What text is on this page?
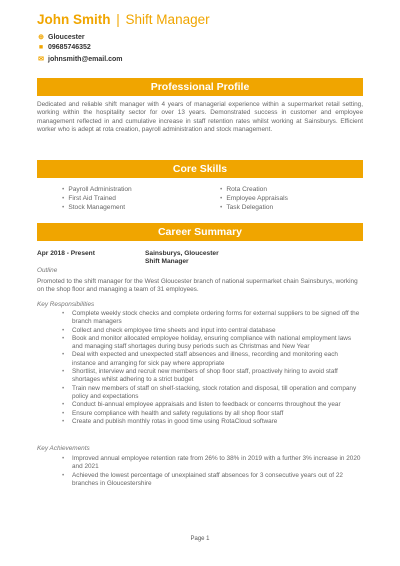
John Smith | Shift Manager
⊕ Gloucester
■ 09685746352
✉ johnsmith@email.com
Professional Profile
Dedicated and reliable shift manager with 4 years of managerial experience within a supermarket retail setting, working within the hospitality sector for over 13 years. Demonstrated success in customer and employee management reflected in and cumulative increase in staff retention rates whilst working at Sainsburys. Efficient worker who is adept at rota creation, payroll administration and stock management.
Core Skills
• Payroll Administration
• First Aid Trained
• Stock Management
• Rota Creation
• Employee Appraisals
• Task Delegation
Career Summary
Apr 2018 - Present	Sainsburys, Gloucester
Shift Manager
Outline
Promoted to the shift manager for the West Gloucester branch of national supermarket chain Sainsburys, working on the shop floor and managing a team of 31 employees.
Key Responsibilities
• Complete weekly stock checks and complete ordering forms for external suppliers to be signed off the branch managers
• Collect and check employee time sheets and input into central database
• Book and monitor allocated employee holiday, ensuring compliance with national employment laws and managing staff shortages during busy periods such as Christmas and New Year
• Deal with expected and unexpected staff absences and illness, recording and monitoring each instance and arranging for sick pay where appropriate
• Shortlist, interview and recruit new members of shop floor staff, proactively hiring to avoid staff shortages whilst adhering to a strict budget
• Train new members of staff on shelf-stacking, stock rotation and disposal, till operation and company policy and expectations
• Conduct bi-annual employee appraisals and listen to feedback or concerns throughout the year
• Ensure compliance with health and safety regulations by all shop floor staff
• Create and publish monthly rotas in good time using RotaCloud software
Key Achievements
• Improved annual employee retention rate from 26% to 38% in 2019 with a further 3% increase in 2020 and 2021
• Achieved the lowest percentage of unexplained staff absences for 3 consecutive years out of 22 branches in Gloucestershire
Page 1
